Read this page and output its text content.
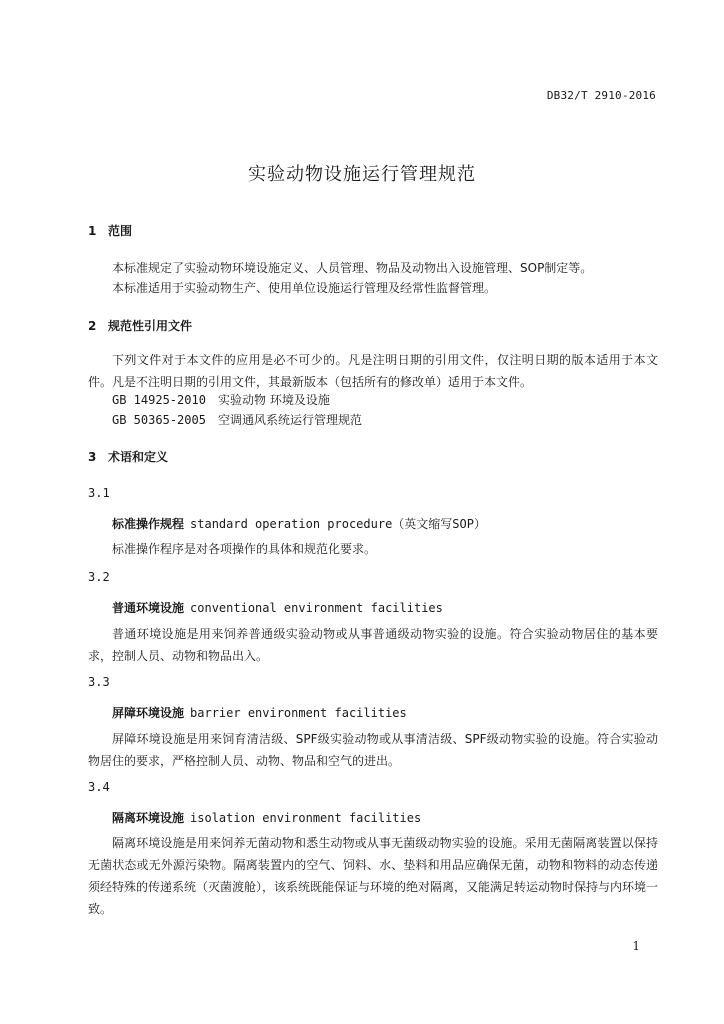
DB32/T 2910-2016
实验动物设施运行管理规范
1 范围
本标准规定了实验动物环境设施定义、人员管理、物品及动物出入设施管理、SOP制定等。
本标准适用于实验动物生产、使用单位设施运行管理及经常性监督管理。
2 规范性引用文件
下列文件对于本文件的应用是必不可少的。凡是注明日期的引用文件，仅注明日期的版本适用于本文件。凡是不注明日期的引用文件，其最新版本（包括所有的修改单）适用于本文件。
GB 14925-2010 实验动物 环境及设施
GB 50365-2005 空调通风系统运行管理规范
3 术语和定义
3.1
标准操作规程 standard operation procedure（英文缩写SOP）
标准操作程序是对各项操作的具体和规范化要求。
3.2
普通环境设施 conventional environment facilities
普通环境设施是用来饲养普通级实验动物或从事普通级动物实验的设施。符合实验动物居住的基本要求，控制人员、动物和物品出入。
3.3
屏障环境设施 barrier environment facilities
屏障环境设施是用来饲育清洁级、SPF级实验动物或从事清洁级、SPF级动物实验的设施。符合实验动物居住的要求，严格控制人员、动物、物品和空气的进出。
3.4
隔离环境设施 isolation environment facilities
隔离环境设施是用来饲养无菌动物和悉生动物或从事无菌级动物实验的设施。采用无菌隔离装置以保持无菌状态或无外源污染物。隔离装置内的空气、饲料、水、垫料和用品应确保无菌，动物和物料的动态传递须经特殊的传递系统（灭菌渡舱），该系统既能保证与环境的绝对隔离，又能满足转运动物时保持与内环境一致。
1
